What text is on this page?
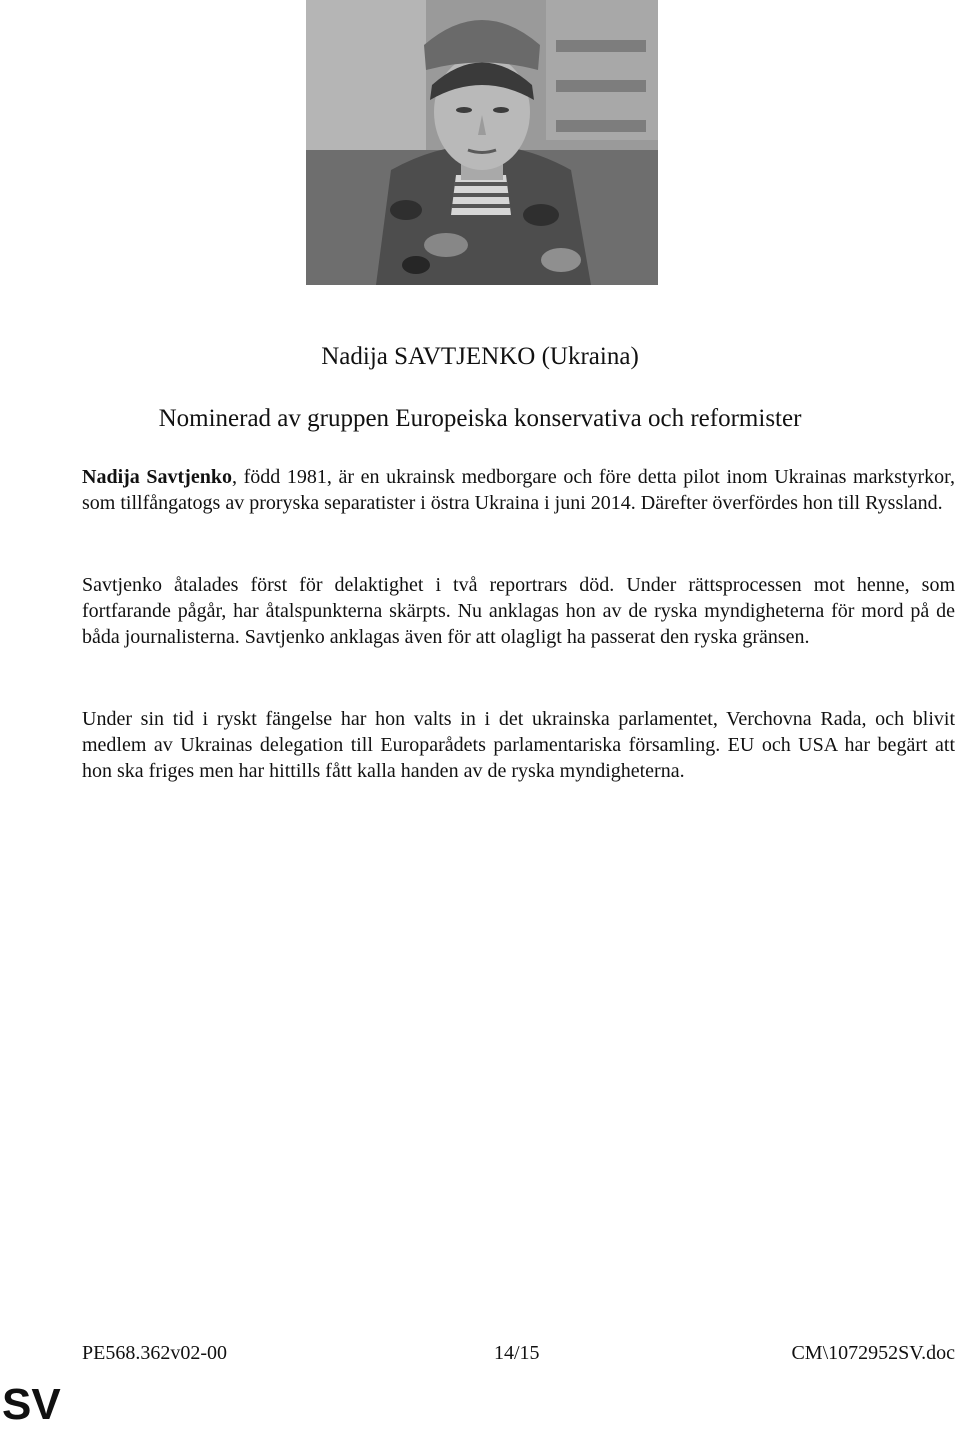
Nadija SAVTJENKO (Ukraina)
Nominerad av gruppen Europeiska konservativa och reformister

Nadija Savtjenko, född 1981, är en ukrainsk medborgare och före detta pilot inom Ukrainas markstyrkor, som tillfångatogs av proryska separatister i östra Ukraina i juni 2014. Därefter överfördes hon till Ryssland.

Savtjenko åtalades först för delaktighet i två reportrars död. Under rättsprocessen mot henne, som fortfarande pågår, har åtalspunkterna skärpts. Nu anklagas hon av de ryska myndigheterna för mord på de båda journalisterna. Savtjenko anklagas även för att olagligt ha passerat den ryska gränsen.

Under sin tid i ryskt fängelse har hon valts in i det ukrainska parlamentet, Verchovna Rada, och blivit medlem av Ukrainas delegation till Europarådets parlamentariska församling. EU och USA har begärt att hon ska friges men har hittills fått kalla handen av de ryska myndigheterna.

PE568.362v02-00	14/15	CM\1072952SV.doc
SV
